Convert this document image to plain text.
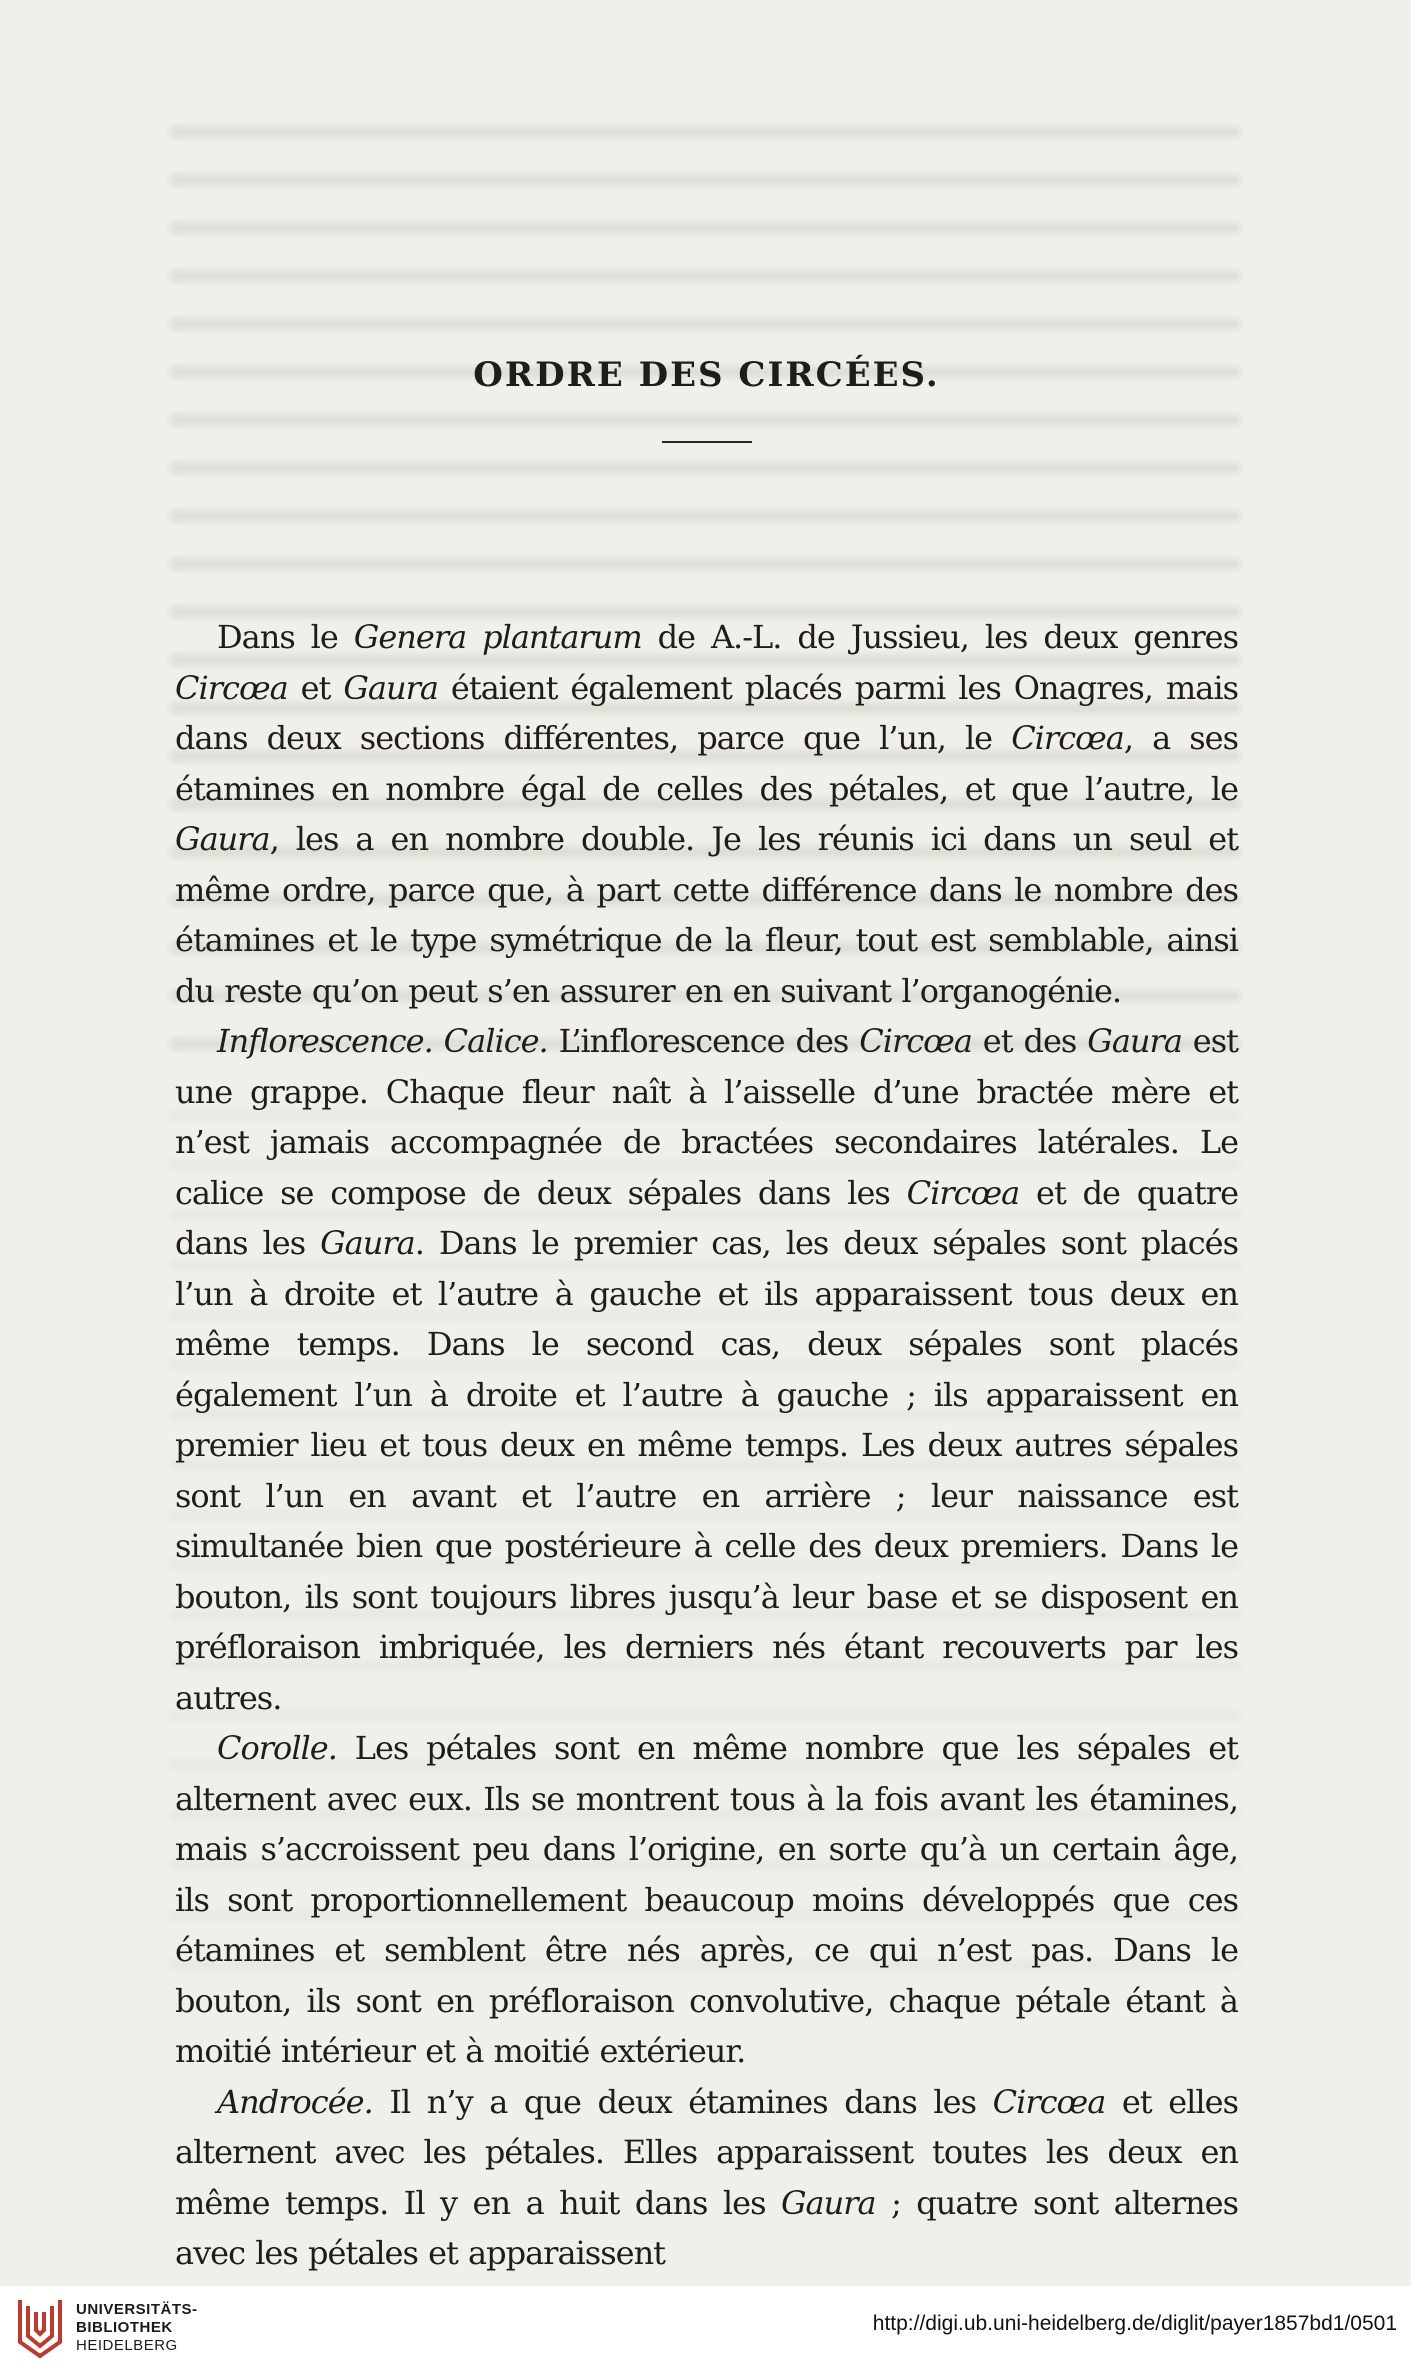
ORDRE DES CIRCÉES.

Dans le Genera plantarum de A.-L. de Jussieu, les deux genres Circœa et Gaura étaient également placés parmi les Onagres, mais dans deux sections différentes, parce que l’un, le Circœa, a ses étamines en nombre égal de celles des pétales, et que l’autre, le Gaura, les a en nombre double. Je les réunis ici dans un seul et même ordre, parce que, à part cette différence dans le nombre des étamines et le type symétrique de la fleur, tout est semblable, ainsi du reste qu’on peut s’en assurer en en suivant l’organogénie.

Inflorescence. Calice. L’inflorescence des Circœa et des Gaura est une grappe. Chaque fleur naît à l’aisselle d’une bractée mère et n’est jamais accompagnée de bractées secondaires latérales. Le calice se compose de deux sépales dans les Circœa et de quatre dans les Gaura. Dans le premier cas, les deux sépales sont placés l’un à droite et l’autre à gauche et ils apparaissent tous deux en même temps. Dans le second cas, deux sépales sont placés également l’un à droite et l’autre à gauche ; ils apparaissent en premier lieu et tous deux en même temps. Les deux autres sépales sont l’un en avant et l’autre en arrière ; leur naissance est simultanée bien que postérieure à celle des deux premiers. Dans le bouton, ils sont toujours libres jusqu’à leur base et se disposent en préfloraison imbriquée, les derniers nés étant recouverts par les autres.

Corolle. Les pétales sont en même nombre que les sépales et alternent avec eux. Ils se montrent tous à la fois avant les étamines, mais s’accroissent peu dans l’origine, en sorte qu’à un certain âge, ils sont proportionnellement beaucoup moins développés que ces étamines et semblent être nés après, ce qui n’est pas. Dans le bouton, ils sont en préfloraison convolutive, chaque pétale étant à moitié intérieur et à moitié extérieur.

Androcée. Il n’y a que deux étamines dans les Circœa et elles alternent avec les pétales. Elles apparaissent toutes les deux en même temps. Il y en a huit dans les Gaura ; quatre sont alternes avec les pétales et apparaissent

UNIVERSITÄTS-
BIBLIOTHEK
HEIDELBERG
http://digi.ub.uni-heidelberg.de/diglit/payer1857bd1/0501
